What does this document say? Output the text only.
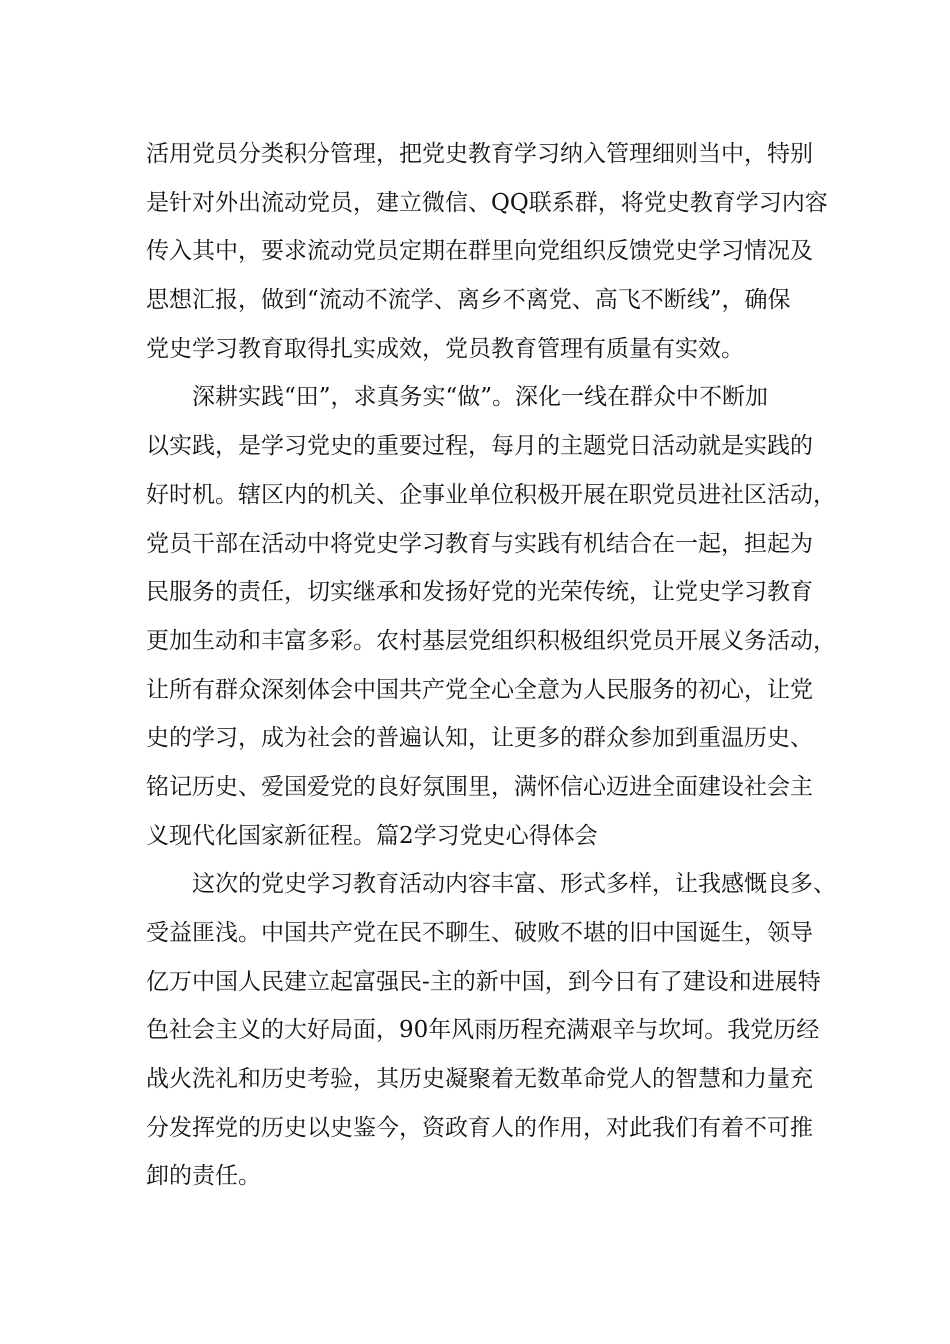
活用党员分类积分管理，把党史教育学习纳入管理细则当中，特别
是针对外出流动党员，建立微信、QQ联系群，将党史教育学习内容
传入其中，要求流动党员定期在群里向党组织反馈党史学习情况及
思想汇报，做到“流动不流学、离乡不离党、高飞不断线”，确保
党史学习教育取得扎实成效，党员教育管理有质量有实效。
深耕实践“田”，求真务实“做”。深化一线在群众中不断加
以实践，是学习党史的重要过程，每月的主题党日活动就是实践的
好时机。辖区内的机关、企事业单位积极开展在职党员进社区活动，
党员干部在活动中将党史学习教育与实践有机结合在一起，担起为
民服务的责任，切实继承和发扬好党的光荣传统，让党史学习教育
更加生动和丰富多彩。农村基层党组织积极组织党员开展义务活动，
让所有群众深刻体会中国共产党全心全意为人民服务的初心，让党
史的学习，成为社会的普遍认知，让更多的群众参加到重温历史、
铭记历史、爱国爱党的良好氛围里，满怀信心迈进全面建设社会主
义现代化国家新征程。篇2学习党史心得体会
这次的党史学习教育活动内容丰富、形式多样，让我感慨良多、
受益匪浅。中国共产党在民不聊生、破败不堪的旧中国诞生，领导
亿万中国人民建立起富强民-主的新中国，到今日有了建设和进展特
色社会主义的大好局面，90年风雨历程充满艰辛与坎坷。我党历经
战火洗礼和历史考验，其历史凝聚着无数革命党人的智慧和力量充
分发挥党的历史以史鉴今，资政育人的作用，对此我们有着不可推
卸的责任。
